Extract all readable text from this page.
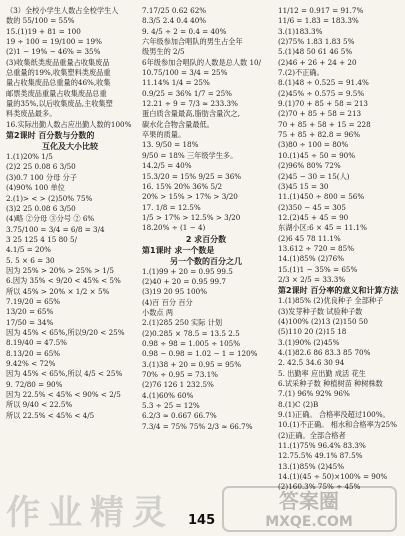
（3）全校小学生人数占全校学生人
数的 55/100 = 55%
15.(1)19 + 81 = 100
19 ÷ 100 = 19/100 = 19%
(2)1 − 19% − 46% = 35%
(3)收集纸类废品重量占收集废品
总重量的19%,收集塑料类废品重
量占收集废品总重量的46%,收集
邮票类废品重量占收集废品总重
量的35%,以后收集废品,主收集塑
料类废品最多。
16.实际出勤人数占应出勤人数的100%
第2课时 百分数与分数的
互化及大小比较
1.(1)20% 1/5
(2)2 25 0.08 6 3/50
(3)0.7 100 分母 分子
(4)90% 100 单位
2.(1)> < > (2)50% 75%
(3)2 25 0.08 6 3/50
(4)略 ②分母 ③分号 ② 6%
3.75/100 = 3/4 = 6/8 = 3/4
3 25 125 4 15 80 5/
4.1/5 = 20%
5. 5 × 6 = 30
因为 25% > 20% > 25% > 1/5
6.因为 35% < 9/20 < 45% < 5%
所以 45% > 20% × 1/2 × 5%
7.19/20 = 65%
13/20 = 65%
17/50 = 34%
因为 45% < 65%,所以9/20 < 25%
8.19/40 = 47.5%
8.13/20 = 65%
9.42% < 72%
因为 45% < 65%,所以 4/5 < 25%
9. 72/80 = 90%
因为 22.5% < 45% < 90% < 2/5
所以 9/40 < 22.5%
所以 22.5% < 45% < 4/5
7.17/25 0.62 62%
8.3/5 2.4 0.4 40%
9. 4/5 ÷ 2 = 0.4 = 40%
六年级参加合唱队的男生占全年
级男生的 2/5
6年级参加合唱队的人数是总人数 10/
10.75/100 = 3/4 = 25%
11.14% 1/4 = 25%
0.9/25 = 36% 1/7 = 25%
12.21 ÷ 9 = 7/3 ≈ 233.3%
蛋白质含量最高,脂肪含量次之,
碳水化合物含量最低。
卒果的质量。
13. 9/50 = 18%
9/50 = 18% 三年级学生多。
14.2/5 = 40%
15.3/20 = 15% 9/25 = 36%
16. 15% 20% 36% 5/2
20% > 15% > 17% > 3/20
17. 1/8 = 12.5%
1/5 > 17% > 12.5% > 3/20
18.20% ÷ (1 − 4)
2 求百分数
第1课时 求一个数是
另一个数的百分之几
1.(1)99 + 20 = 0.95 99.5
(2)40 + 20 = 0.95 99.7
(3)19 20 95 100%
(4)百 百分 百分
小数点 两
2.(1)285 250 实际 计划
(2)0.285 × 78.5 = 13.5 2.5
0.98 ÷ 98 = 1.005 ÷ 105%
0.98 − 0.98 = 1.02 − 1 = 120%
3.(1)38 + 20 = 0.95 = 95%
70% ÷ 0.95 = 73.1%
(2)76 126 1 232.5%
4.(1)60% 60%
5.3 ÷ 25 = 12%
6.2/3 ≈ 0.667 66.7%
7.3/4 = 75% 75% 2/3 ≈ 66.7%
11/12 = 0.917 = 91.7%
11/6 = 1.83 = 183.3%
3.(1)183.3%
(2)75% 1.83 1.83 5%
5.(1)48 50 61 46 5%
(2)46 + 26 + 24 + 20
7.(2)不正确。
8.(1)48 ÷ 0.525 = 91.4%
(2)45% ÷ 0.575 = 9.5%
9.(1)70 + 85 + 58 = 213
(2)70 + 85 + 58 = 213
70 + 85 + 58 + 15 = 228
75 + 85 + 82.8 = 96%
(3)80 ÷ 100 = 80%
10.(1)45 ÷ 50 = 90%
(2)96% 80% 72%
(2)45 − 30 = 15(人)
(3)45 15 = 30
11.(1)450 ÷ 800 = 56%
(2)350 − 45 = 305
12.(2)45 + 45 = 90
东湖小区:6 × 45 = 11.1%
(2)6 45 78 11.1%
13.612 ÷ 720 = 85%
14.(1)85% (2)76%
15.(1)1 − 35% = 65%
2/3 × 2/5 = 33.3%
第2课时 百分率的意义和计算方法
1.(1)85% (2)优良种子 全部种子
(3)发芽种子数 试验种子数
(4)100% (2)13 (2)150 50
(5)110 20 (2)15 18
3.(1)90% (2)45%
4.(1)82.6 86 83.3 85 70%
2. 42.5 34.6 30 94
5. 出勤率 应出勤 成活 花生
6.试采种子数 种植树苗 种树株数
7.(1) 96% 92% 96%
8.(1)C (2)B
9.(1)正确。 合格率没超过100%。
10.(1)不正确。 相水和合格率为25%
(2)正确。全部合格者
11.(1)75% 96.4% 83.3%
12.75.5% 49.1% 87.5%
13.(1)85% (2)45%
14.(1)(45 ÷ 50)×100% = 90%
(2)160.3% 75% ÷ 45%
作业精灵 145
答案圈
MXQE.COM
